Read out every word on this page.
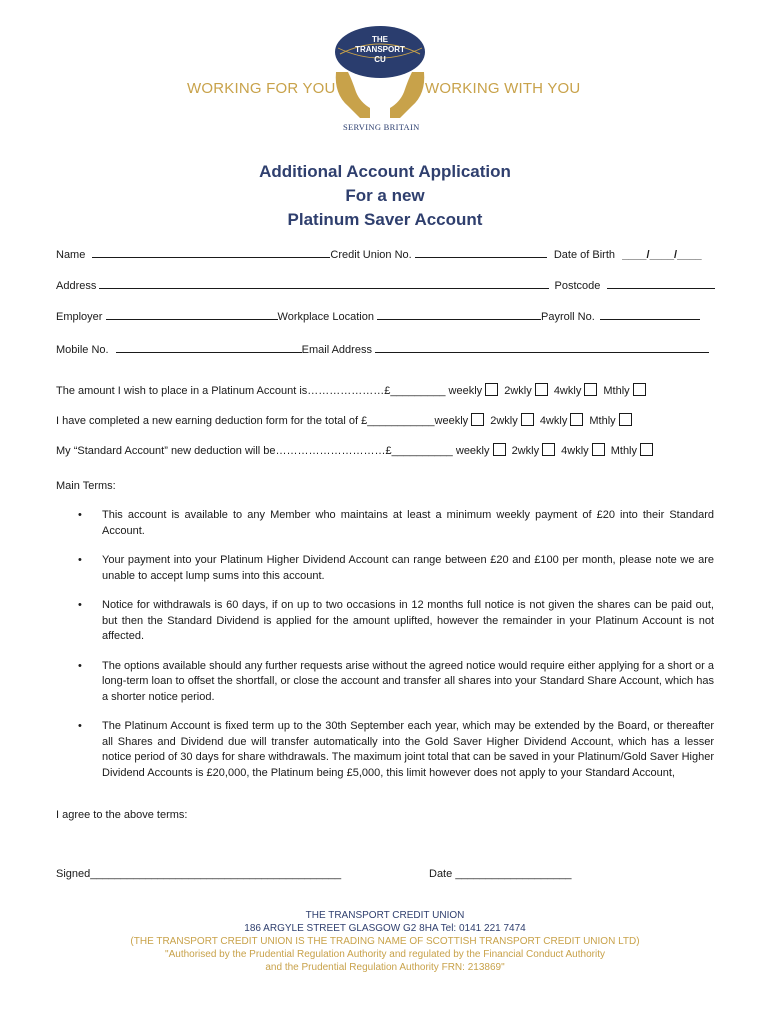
WORKING FOR YOU	WORKING WITH YOU
THE
TRANSPORT
CU
SERVING BRITAIN
Additional Account Application
For a new
Platinum Saver Account
Name	Credit Union No.	Date of Birth ____/____/____
Address	Postcode
Employer	Workplace Location	Payroll No.
Mobile No.	Email Address
The amount I wish to place in a Platinum Account is…………………£_________ weekly 2wkly 4wkly Mthly
I have completed a new earning deduction form for the total of £___________weekly 2wkly 4wkly Mthly
My “Standard Account” new deduction will be…………………………£__________ weekly 2wkly 4wkly Mthly
Main Terms:
• This account is available to any Member who maintains at least a minimum weekly payment of £20 into their Standard Account.
• Your payment into your Platinum Higher Dividend Account can range between £20 and £100 per month, please note we are unable to accept lump sums into this account.
• Notice for withdrawals is 60 days, if on up to two occasions in 12 months full notice is not given the shares can be paid out, but then the Standard Dividend is applied for the amount uplifted, however the remainder in your Platinum Account is not affected.
• The options available should any further requests arise without the agreed notice would require either applying for a short or a long-term loan to offset the shortfall, or close the account and transfer all shares into your Standard Share Account, which has a shorter notice period.
• The Platinum Account is fixed term up to the 30th September each year, which may be extended by the Board, or thereafter all Shares and Dividend due will transfer automatically into the Gold Saver Higher Dividend Account, which has a lesser notice period of 30 days for share withdrawals. The maximum joint total that can be saved in your Platinum/Gold Saver Higher Dividend Accounts is £20,000, the Platinum being £5,000, this limit however does not apply to your Standard Account,
I agree to the above terms:
Signed_________________________________________	Date ___________________
THE TRANSPORT CREDIT UNION
186 ARGYLE STREET GLASGOW G2 8HA Tel: 0141 221 7474
(THE TRANSPORT CREDIT UNION IS THE TRADING NAME OF SCOTTISH TRANSPORT CREDIT UNION LTD)
"Authorised by the Prudential Regulation Authority and regulated by the Financial Conduct Authority
and the Prudential Regulation Authority FRN: 213869"
